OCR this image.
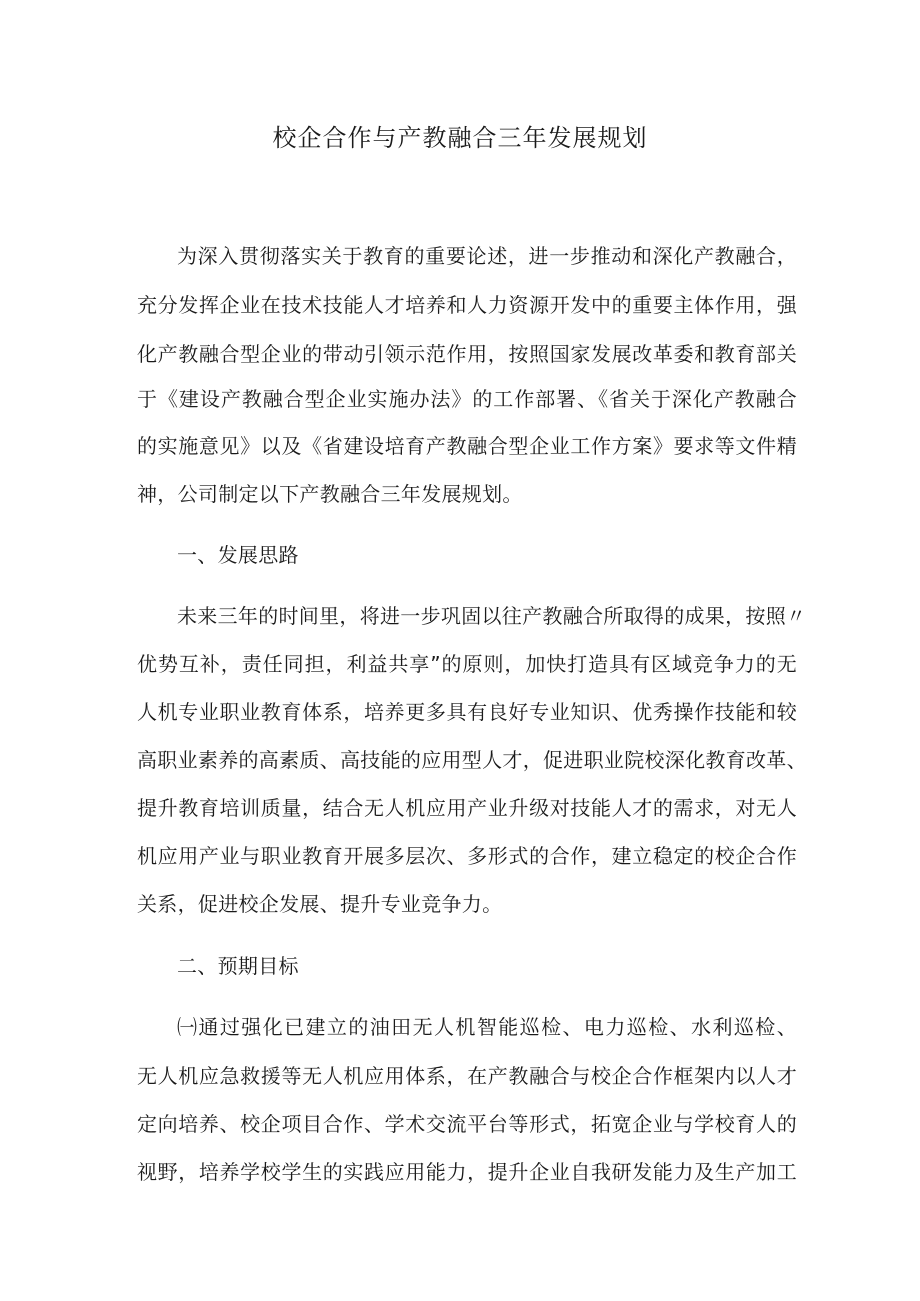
校企合作与产教融合三年发展规划
为深入贯彻落实关于教育的重要论述，进一步推动和深化产教融合，
充分发挥企业在技术技能人才培养和人力资源开发中的重要主体作用，强
化产教融合型企业的带动引领示范作用，按照国家发展改革委和教育部关
于《建设产教融合型企业实施办法》的工作部署、《省关于深化产教融合
的实施意见》以及《省建设培育产教融合型企业工作方案》要求等文件精
神，公司制定以下产教融合三年发展规划。
一、发展思路
未来三年的时间里，将进一步巩固以往产教融合所取得的成果，按照〃
优势互补，责任同担，利益共享”的原则，加快打造具有区域竞争力的无
人机专业职业教育体系，培养更多具有良好专业知识、优秀操作技能和较
高职业素养的高素质、高技能的应用型人才，促进职业院校深化教育改革、
提升教育培训质量，结合无人机应用产业升级对技能人才的需求，对无人
机应用产业与职业教育开展多层次、多形式的合作，建立稳定的校企合作
关系，促进校企发展、提升专业竞争力。
二、预期目标
㈠通过强化已建立的油田无人机智能巡检、电力巡检、水利巡检、
无人机应急救援等无人机应用体系，在产教融合与校企合作框架内以人才
定向培养、校企项目合作、学术交流平台等形式，拓宽企业与学校育人的
视野，培养学校学生的实践应用能力，提升企业自我研发能力及生产加工
